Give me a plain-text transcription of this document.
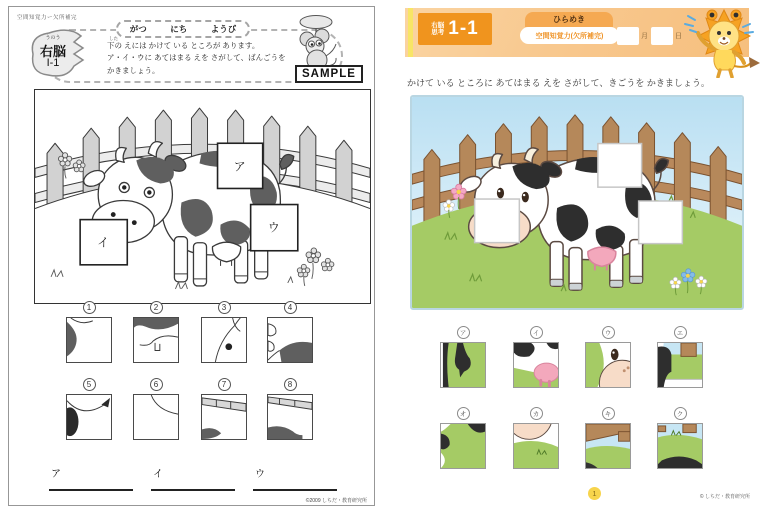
空間知覚力ー欠所補完
うのう
右脳
I-1
がつ	にち	ようび
した
下の えには かけて いる ところが あります。
ア・イ・ウに あてはまる えを さがして、ばんごうを
かきましょう。	SAMPLE
ア
イ
ウ
1	2	3	4
5	6	7	8
ア	イ	ウ
©2009 しちだ・教育研究所
右脳
思考 1-1	ひらめき
空間知覚力(欠所補完)	月	日
かけて いる ところに あてはまる えを さがして、きごうを かきましょう。
ア	イ	ウ	エ
オ	カ	キ	ク
1	© しちだ・教育研究所
